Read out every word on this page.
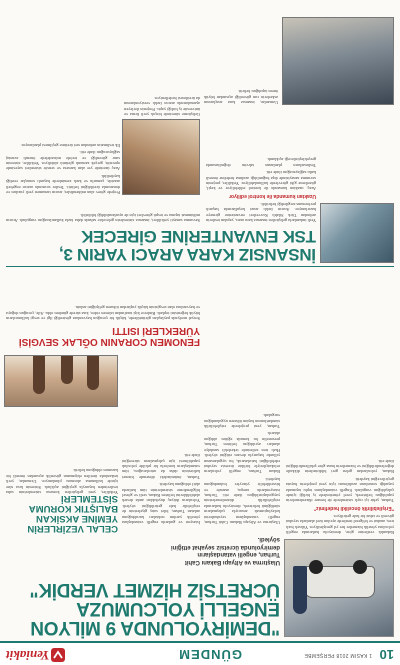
10
1 KASIM 2018 PERŞEMBE
GÜNDEM
Yeniakit
"DEMİRYOLUNDA 9 MİLYON
ENGELLİ YOLCUMUZA
ÜCRETSİZ HİZMET VERDİK"
Ulaştırma ve Altyapı Bakanı Cahit Turhan, engelli vatandaşların demiryolunda ücretsiz seyahat ettiğini söyledi.

Ulaştırma ve Altyapı Bakanı Cahit Turhan, engelli vatandaşların seyahatlerini kolaylaştırmak amacıyla çalışmaların sürdüğünü belirterek, demiryolu hatlarında erişilebilirlik düzenlemelerinin yaygınlaştırıldığını ifade etti. Turhan, istasyonlarda rampa, asansör ve hissedilebilir yüzeyler bulunduğunu kaydetti.

Bakan Turhan, engelli yolcuların refakatçileriyle birlikte ücretsiz seyahat edebildiğini hatırlatarak, bu uygulamanın yıllardır başarıyla devam ettiğini söyledi. Hızlı tren setlerinde tekerlekli sandalye alanları ayrıldığını belirten Turhan, personelin bu konuda eğitim aldığını aktardı.

Turhan, yeni projelerde erişilebilirlik standartlarının baştan itibaren uygulandığını vurguladı.

İstasyon ve garlarda engelli vatandaşlara yönelik yardım noktaları kurulduğunu anlatan Turhan, bilet satış gişelerinin de erişilebilir hale getirildiğini söyledi. Yolcuların ihtiyaç duydukları anda destek alabildiklerini belirten Bakan, sesli ve görsel bilgilendirme sistemlerinin tüm hatlarda aktif olduğunu kaydetti.

Turhan, önümüzdeki dönemde hizmet kalitesinin daha da artırılacağını, tüm vatandaşların konforlu bir şekilde yolculuk yapabilmesi için çalışmaların süreceğini ifade etti.

CELAL VEZİRLERİN YEMİNE AKSİKAN BALIŞTIK KORUMA SİSTEMLERİ

Yetkililer, yeni geliştirilen koruma sistemlerinin saha testlerinden başarıyla geçtiğini açıkladı. Sistemin kısa süre içinde kullanıma alınması planlanıyor. Uzmanlar, yerli imkanlarla üretilen ekipmanın güvenlik açısından önemli bir kazanım olduğunu belirtti.

FENOMEN CORANIN OĞLAK SEVGİSİ YÜREKLERİ ISITTI

Sosyal medyada paylaşılan görüntülerde, küçük bir çocuğun hayvanlara gösterdiği ilgi ve sevgi kullanıcıların büyük beğenisini topladı. Binlerce kişi tarafından izlenen video, kısa sürede gündem oldu. Aile, çocuğun doğaya ve hayvanlara olan sevgisinin küçük yaşlardan itibaren geliştiğini anlattı.

Bakanlık verilerine göre, demiryolu hatlarında engelli yolculara yönelik hizmetler her yıl genişletiliyor. Yüksek hızlı tren, anahat ve bölgesel trenlerde ayrılan özel alanlarla seyahat güvenli ve rahat bir hale getiriliyor.

"Erişilebilirlik öncelikli hedefimiz"

Turhan, şehir içi raylı sistemlerde de benzer düzenlemelerin yapıldığını belirterek, yerel yönetimlerle iş birliği içinde çalışıldığını vurguladı. Engelli vatandaşların toplu taşımada yaşadığı sorunların azaltılması için yeni projelerin hayata geçirileceğini kaydetti.

Bakan, yolculardan gelen geri bildirimlerin dikkatle değerlendirildiğini ve hizmetlerin buna göre şekillendirildiğini ifade etti.

İNSANSIZ KARA ARACI YARIN 3,
TSK ENVANTERİNE GİRECEK

Yerli imkanlarla geliştirilen insansız kara aracı, yapılan testlerin ardından Türk Silahlı Kuvvetleri envanterine girmeye hazırlanıyor. Aracın farklı arazi koşullarında başarılı performans sergilediği belirtildi.

Uzaktan kumanda ile kontrol ediliyor

Araç, uzaktan kumanda ile kontrol edilebiliyor ve keşif, gözetleme gibi görevlerde kullanılabiliyor. Yetkililer, projenin savunma sanayisinde dışa bağımlılığı azaltma hedefine önemli katkı sağlayacağını ifade etti.

Teslimatların planlanan takvim doğrultusunda gerçekleştirileceği açıklandı.

Savunma sanayii yetkilileri, insansız sistemlerin gelecekte sahada daha fazla kullanılacağını vurguladı. Aracın mühimmat taşıma ve tespit görevleri için de uyarlanabildiği bildirildi.

Projede görev alan mühendisler, aracın tamamen yerli yazılım ve donanımla üretildiğini belirtti. Testler sırasında aracın engebeli arazide, çamurlu ve karlı zeminlerde başarılı sonuçlar verdiği kaydedildi.

Araç üzerinde yer alan kamera ve sensör sistemleri sayesinde operatör, gerçek zamanlı görüntü alabiliyor. Yetkililer, sistemin sınır güvenliği ve terörle mücadelede önemli avantaj sağlayacağını ifade etti.

İlk teslimatın ardından seri üretime geçilmesi planlanıyor.

Geliştirme sürecinde birçok yerli firma ve üniversite iş birliği yaptı. Projenin ilerleyen aşamalarında aracın farklı versiyonlarının da üretilmesi hedefleniyor.

Uzmanlar, insansız kara araçlarının askerlerin can güvenliği açısından büyük önem taşıdığını belirtti.
